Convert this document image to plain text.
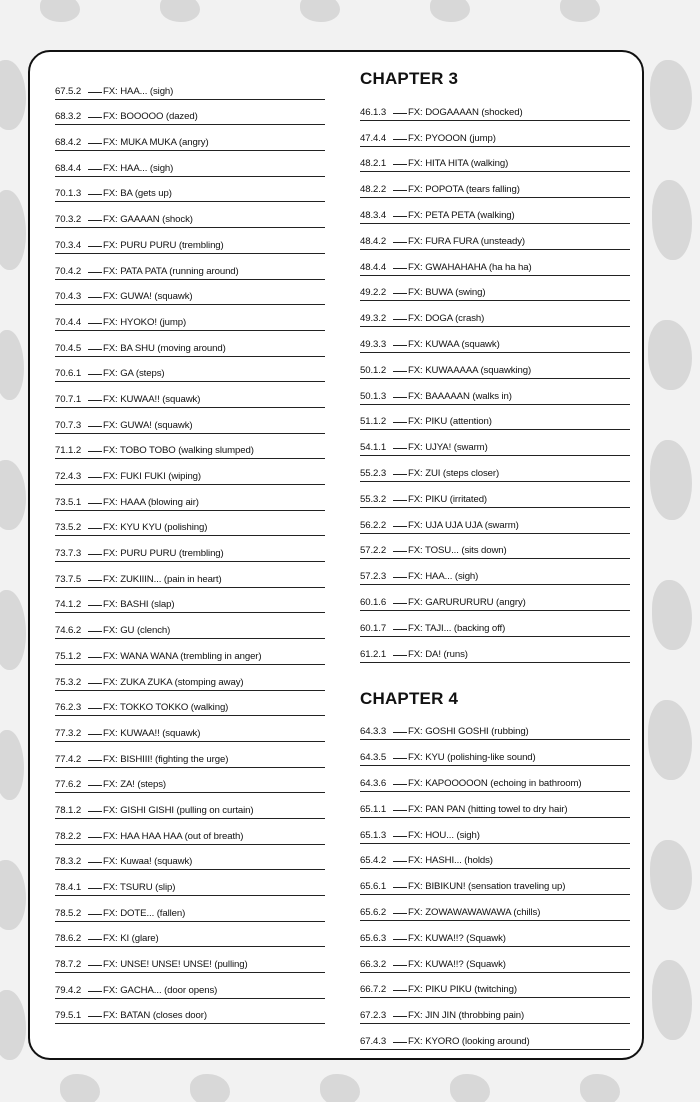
67.5.2	FX: HAA... (sigh)
68.3.2	FX: BOOOOO (dazed)
68.4.2	FX: MUKA MUKA (angry)
68.4.4	FX: HAA... (sigh)
70.1.3	FX: BA (gets up)
70.3.2	FX: GAAAAN (shock)
70.3.4	FX: PURU PURU (trembling)
70.4.2	FX: PATA PATA (running around)
70.4.3	FX: GUWA! (squawk)
70.4.4	FX: HYOKO! (jump)
70.4.5	FX: BA SHU (moving around)
70.6.1	FX: GA (steps)
70.7.1	FX: KUWAA!! (squawk)
70.7.3	FX: GUWA! (squawk)
71.1.2	FX: TOBO TOBO (walking slumped)
72.4.3	FX: FUKI FUKI (wiping)
73.5.1	FX: HAAA (blowing air)
73.5.2	FX: KYU KYU (polishing)
73.7.3	FX: PURU PURU (trembling)
73.7.5	FX: ZUKIIIN... (pain in heart)
74.1.2	FX: BASHI (slap)
74.6.2	FX: GU (clench)
75.1.2	FX: WANA WANA (trembling in anger)
75.3.2	FX: ZUKA ZUKA (stomping away)
76.2.3	FX: TOKKO TOKKO (walking)
77.3.2	FX: KUWAA!! (squawk)
77.4.2	FX: BISHIII! (fighting the urge)
77.6.2	FX: ZA! (steps)
78.1.2	FX: GISHI GISHI (pulling on curtain)
78.2.2	FX: HAA HAA HAA (out of breath)
78.3.2	FX: Kuwaa! (squawk)
78.4.1	FX: TSURU (slip)
78.5.2	FX: DOTE... (fallen)
78.6.2	FX: KI (glare)
78.7.2	FX: UNSE! UNSE! UNSE! (pulling)
79.4.2	FX: GACHA... (door opens)
79.5.1	FX: BATAN (closes door)
CHAPTER 3
46.1.3	FX: DOGAAAAN (shocked)
47.4.4	FX: PYOOON (jump)
48.2.1	FX: HITA HITA (walking)
48.2.2	FX: POPOTA (tears falling)
48.3.4	FX: PETA PETA (walking)
48.4.2	FX: FURA FURA (unsteady)
48.4.4	FX: GWAHAHAHA (ha ha ha)
49.2.2	FX: BUWA (swing)
49.3.2	FX: DOGA (crash)
49.3.3	FX: KUWAA (squawk)
50.1.2	FX: KUWAAAAA (squawking)
50.1.3	FX: BAAAAAN (walks in)
51.1.2	FX: PIKU (attention)
54.1.1	FX: UJYA! (swarm)
55.2.3	FX: ZUI (steps closer)
55.3.2	FX: PIKU (irritated)
56.2.2	FX: UJA UJA UJA (swarm)
57.2.2	FX: TOSU... (sits down)
57.2.3	FX: HAA... (sigh)
60.1.6	FX: GARURURURU (angry)
60.1.7	FX: TAJI... (backing off)
61.2.1	FX: DA! (runs)
CHAPTER 4
64.3.3	FX: GOSHI GOSHI (rubbing)
64.3.5	FX: KYU (polishing-like sound)
64.3.6	FX: KAPOOOOON (echoing in bathroom)
65.1.1	FX: PAN PAN (hitting towel to dry hair)
65.1.3	FX: HOU... (sigh)
65.4.2	FX: HASHI... (holds)
65.6.1	FX: BIBIKUN! (sensation traveling up)
65.6.2	FX: ZOWAWAWAWAWA (chills)
65.6.3	FX: KUWA!!? (Squawk)
66.3.2	FX: KUWA!!? (Squawk)
66.7.2	FX: PIKU PIKU (twitching)
67.2.3	FX: JIN JIN (throbbing pain)
67.4.3	FX: KYORO (looking around)
